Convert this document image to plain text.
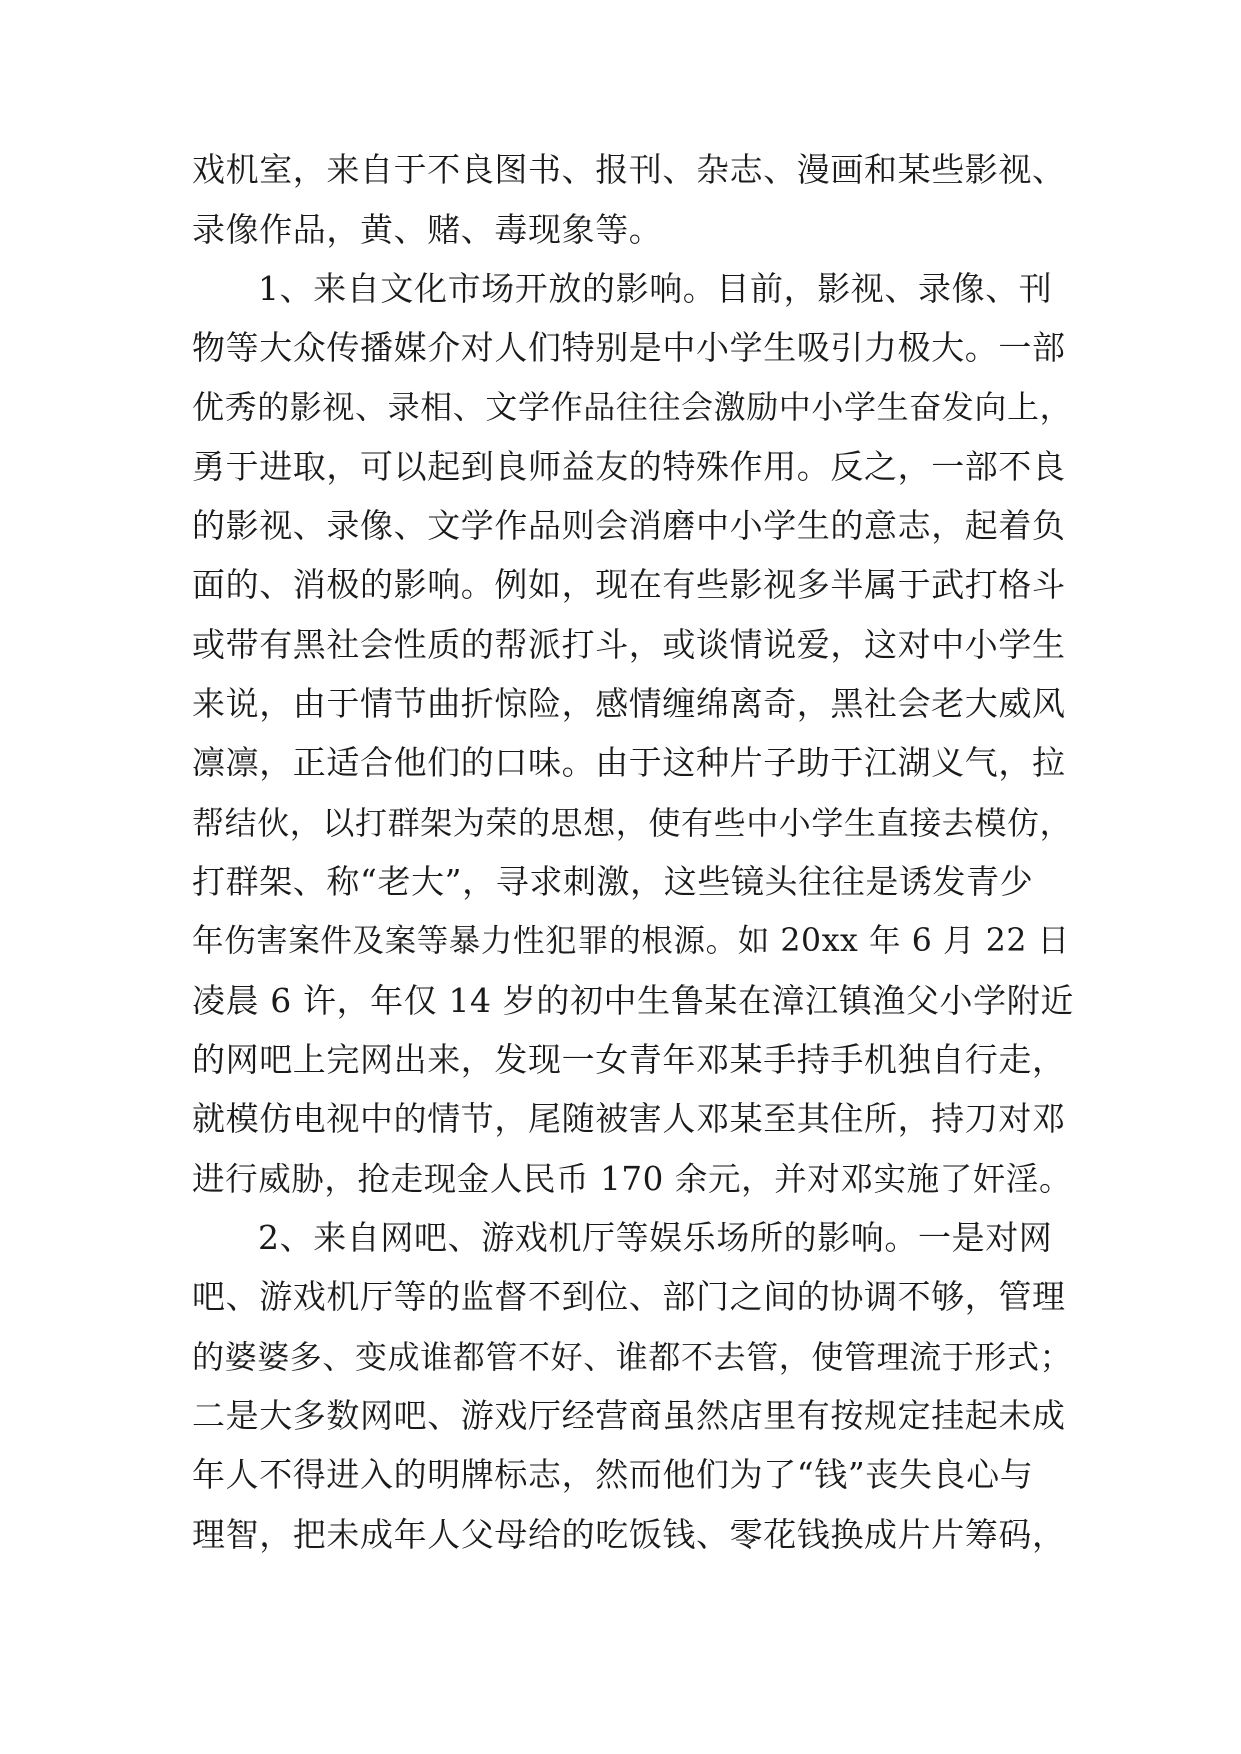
戏机室，来自于不良图书、报刊、杂志、漫画和某些影视、
录像作品，黄、赌、毒现象等。
1、来自文化市场开放的影响。目前，影视、录像、刊
物等大众传播媒介对人们特别是中小学生吸引力极大。一部
优秀的影视、录相、文学作品往往会激励中小学生奋发向上，
勇于进取，可以起到良师益友的特殊作用。反之，一部不良
的影视、录像、文学作品则会消磨中小学生的意志，起着负
面的、消极的影响。例如，现在有些影视多半属于武打格斗
或带有黑社会性质的帮派打斗，或谈情说爱，这对中小学生
来说，由于情节曲折惊险，感情缠绵离奇，黑社会老大威风
凛凛，正适合他们的口味。由于这种片子助于江湖义气，拉
帮结伙，以打群架为荣的思想，使有些中小学生直接去模仿，
打群架、称“老大”，寻求刺激，这些镜头往往是诱发青少
年伤害案件及案等暴力性犯罪的根源。如 20xx 年 6 月 22 日
凌晨 6 许，年仅 14 岁的初中生鲁某在漳江镇渔父小学附近
的网吧上完网出来，发现一女青年邓某手持手机独自行走，
就模仿电视中的情节，尾随被害人邓某至其住所，持刀对邓
进行威胁，抢走现金人民币 170 余元，并对邓实施了奸淫。
2、来自网吧、游戏机厅等娱乐场所的影响。一是对网
吧、游戏机厅等的监督不到位、部门之间的协调不够，管理
的婆婆多、变成谁都管不好、谁都不去管，使管理流于形式；
二是大多数网吧、游戏厅经营商虽然店里有按规定挂起未成
年人不得进入的明牌标志，然而他们为了“钱”丧失良心与
理智，把未成年人父母给的吃饭钱、零花钱换成片片筹码，
